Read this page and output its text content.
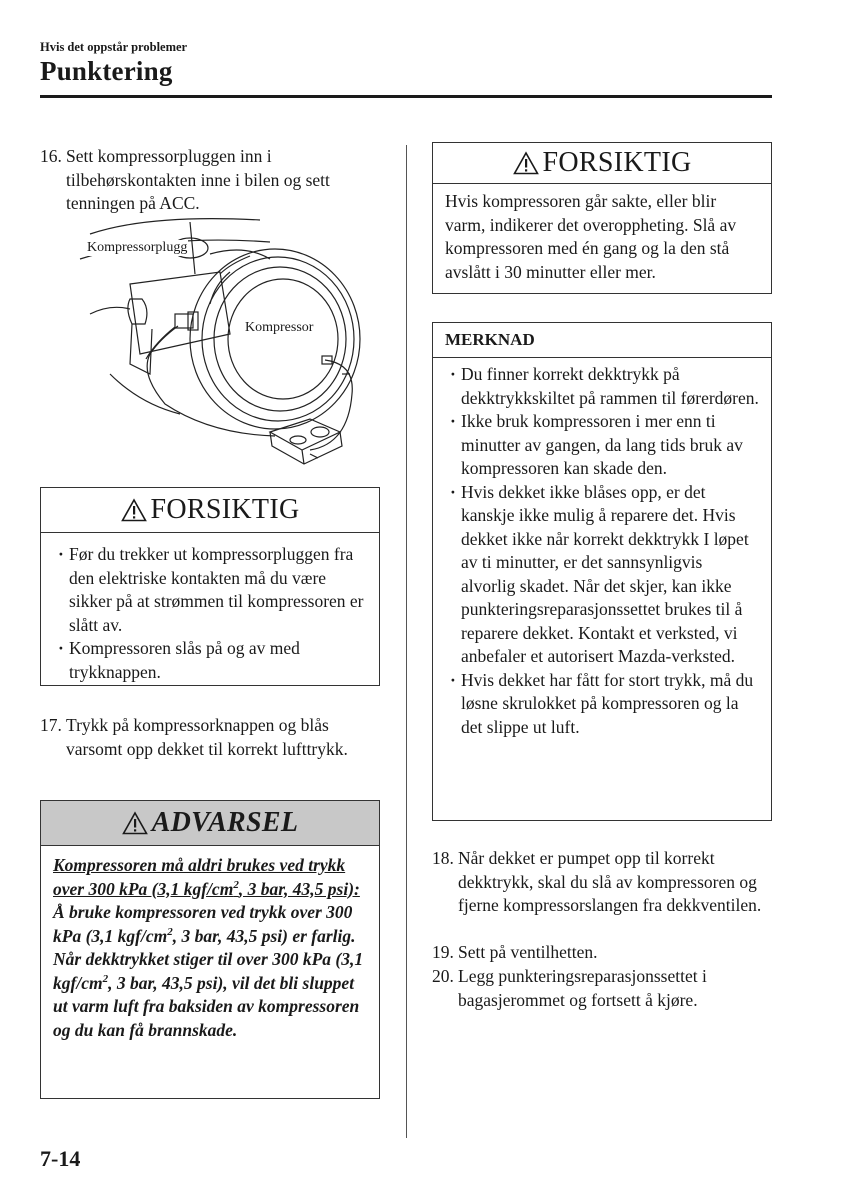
Hvis det oppstår problemer
Punktering
16. Sett kompressorpluggen inn i tilbehørskontakten inne i bilen og sett tenningen på ACC.
Kompressorplugg
Kompressor
FORSIKTIG
· Før du trekker ut kompressorpluggen fra den elektriske kontakten må du være sikker på at strømmen til kompressoren er slått av.
· Kompressoren slås på og av med trykknappen.
17. Trykk på kompressorknappen og blås varsomt opp dekket til korrekt lufttrykk.
ADVARSEL
Kompressoren må aldri brukes ved trykk over 300 kPa (3,1 kgf/$cm^2$, 3 bar, 43,5 psi):
Å bruke kompressoren ved trykk over 300 kPa (3,1 kgf/$cm^2$, 3 bar, 43,5 psi) er farlig. Når dekktrykket stiger til over 300 kPa (3,1 kgf/$cm^2$, 3 bar, 43,5 psi), vil det bli sluppet ut varm luft fra baksiden av kompressoren og du kan få brannskade.
FORSIKTIG
Hvis kompressoren går sakte, eller blir varm, indikerer det overoppheting. Slå av kompressoren med én gang og la den stå avslått i 30 minutter eller mer.
MERKNAD
· Du finner korrekt dekktrykk på dekktrykkskiltet på rammen til førerdøren.
· Ikke bruk kompressoren i mer enn ti minutter av gangen, da lang tids bruk av kompressoren kan skade den.
· Hvis dekket ikke blåses opp, er det kanskje ikke mulig å reparere det. Hvis dekket ikke når korrekt dekktrykk I løpet av ti minutter, er det sannsynligvis alvorlig skadet. Når det skjer, kan ikke punkteringsreparasjonssettet brukes til å reparere dekket. Kontakt et verksted, vi anbefaler et autorisert Mazda-verksted.
· Hvis dekket har fått for stort trykk, må du løsne skrulokket på kompressoren og la det slippe ut luft.
18. Når dekket er pumpet opp til korrekt dekktrykk, skal du slå av kompressoren og fjerne kompressorslangen fra dekkventilen.
19. Sett på ventilhetten.
20. Legg punkteringsreparasjonssettet i bagasjerommet og fortsett å kjøre.
7-14
